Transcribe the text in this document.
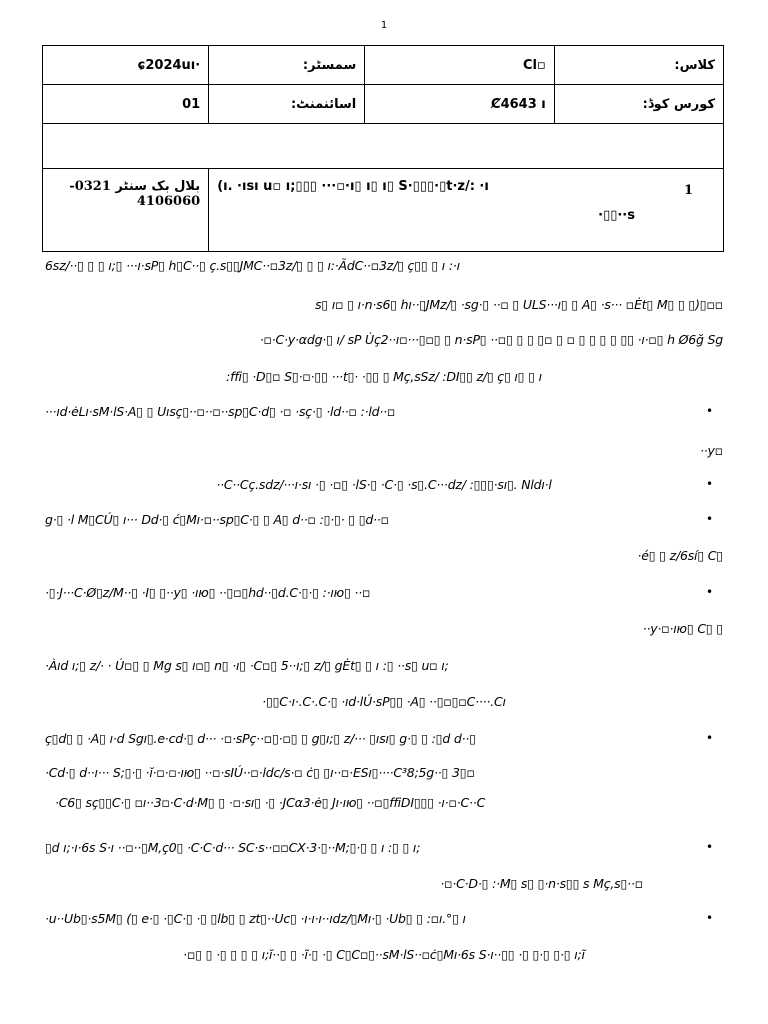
1
ɕ2024uı·	سمسٹر:	Cl▫	کلاس:
01	اسائنمنٹ:	Ȼ4643 ı	کورس کوڈ:

بلال بک سنٹر 0321-4106060	(ı. ·ısı u▫ ı;▯▯▯ ···▫·ı▯ ı▯ ı▯ S·▯▯▯·▯t·z/: ·ı 1
·▯▯··s		
6sz/··▯ ▯ ▯ ı;▯ ···ı·sP▯ h▯C··▯ ç.s▯▯JMC··▫3z/▯ ▯ ▯ ı:·ÃdC··▫3z/▯ ç▯▯ ▯ ı :·ı
s▯ ı▫ ▯ ı·n·s6▯ hı··▯JMz/▯ ·sg·▯ ··▫ ▯ ULS···ı▯ ▯ A▯ ·s··· ▫Ėt▯ M▯ ▯ ▯)▯▫▫
·▫·C·y·αdg·▯ ı/ sP Ùç2··ı▫···▯▫▯ ▯ n·sP▯ ··▫▯ ▯ ▯ ▯▫ ▯ ▫ ▯ ▯ ▯ ▯ ▯▯ ·ı·▫▯ h Ø6ğ Sg
:ffi▯ ·D▯▫ S▯·▫·▯▯ ···t▯· ·▯▯ ▯ Mç,sSz/ :DI▯▯ z/▯ ç▯ ı▯ ▯ ı
···ıd·ėLı·sM·lS·A▯ ▯ Uısç▯··▫··▫··sp▯C·d▯ ·▫ ·sç·▯ ·ld··▫ :·ld··▫	•
··y▫
··C··Cç.sdz/···ı·sı ·▯ ·▫▯ ·lS·▯ ·C·▯ ·s▯.C···dz/ :▯▯▯·sı▯. Nldı·l	•
g·▯ ·l M▯CÚ▯ ı··· Dd·▯ ć▯Mı·▫··sp▯C·▯ ▯ A▯ d··▫ :▯·▯· ▯ ▯d··▫	•
·é▯ ▯ z/6sí▯ C▯
·▯·J···C·Ø▯z/M··▯ ·I▯ ▯··y▯ ·ıю▯ ··▯▫▯hd··▯d.C·▯·▯ :·ıю▯ ··▫	•
··y·▫·ıю▯ C▯ ▯
·Àıd ı;▯ z/· · Ú▫▯ ▯ Mg s▯ ı▫▯ n▯ ·ı▯ ·C▫▯ 5··ı;▯ z/▯ gĖt▯ ▯ ı :▯ ··s▯ u▫ ı;
·▯▯C·ı·.C·.C·▯ ·ıd·lÚ·sP▯▯ ·A▯ ··▯▫▯▫C····.Cı
ç▯d▯ ▯ ·A▯ ı·d Sgı▯.e·cd·▯ d··· ·▫·sPç··▫▯·▫▯ ▯ g▯ı;▯ z/··· ▯ısı▯ g·▯ ▯ :▯d d··▯	•
·Cd·▯ d··ı··· S;▯·▯ ·ĭ·▫·▫·ıю▯ ··▫·sIÚ··▫·ldc/s·▫ ċ▯ ▯ı··▫·ESı▯····C³8;5g··▯ 3▯▫
·C6▯ sç▯▯C·▯ ▫ı··3▫·C·d·M▯ ▯ ·▫·sı▯ ·▯ ·JCα3·ė▯ Jı·ıю▯ ··▫▯ffiDI▯▯▯ ·ı·▫·C··C
▯d ı;·ı·6s S·ı ··▫··▯M,ç0▯ ·C·C·d··· SC·s··▫▫CX·3·▯··M;▯·▯ ▯ ı :▯ ▯ ı;	•
·▫·C·D·▯ :·M▯ s▯ ▯·n·s▯▯ s Mç,s▯··▫
·u··Ub▯·s5M▯ (▯ e·▯ ·▯C·▯ ·▯ ▯lb▯ ▯ zt▯··Uc▯ ·ı·ı·ı··ıdz/▯Mı·▯ ·Ub▯ ▯ :▫ı.°▯ ı	•
·▫▯ ▯ ·▯ ▯ ▯ ▯ ı;ĭ··▯ ▯ ·ĩ·▯ ·▯ C▯C▫▯··sM·lS··▫ċ▯Mı·6s S·ı··▯▯ ·▯ ▯·▯ ▯·▯ ı;ĩ
